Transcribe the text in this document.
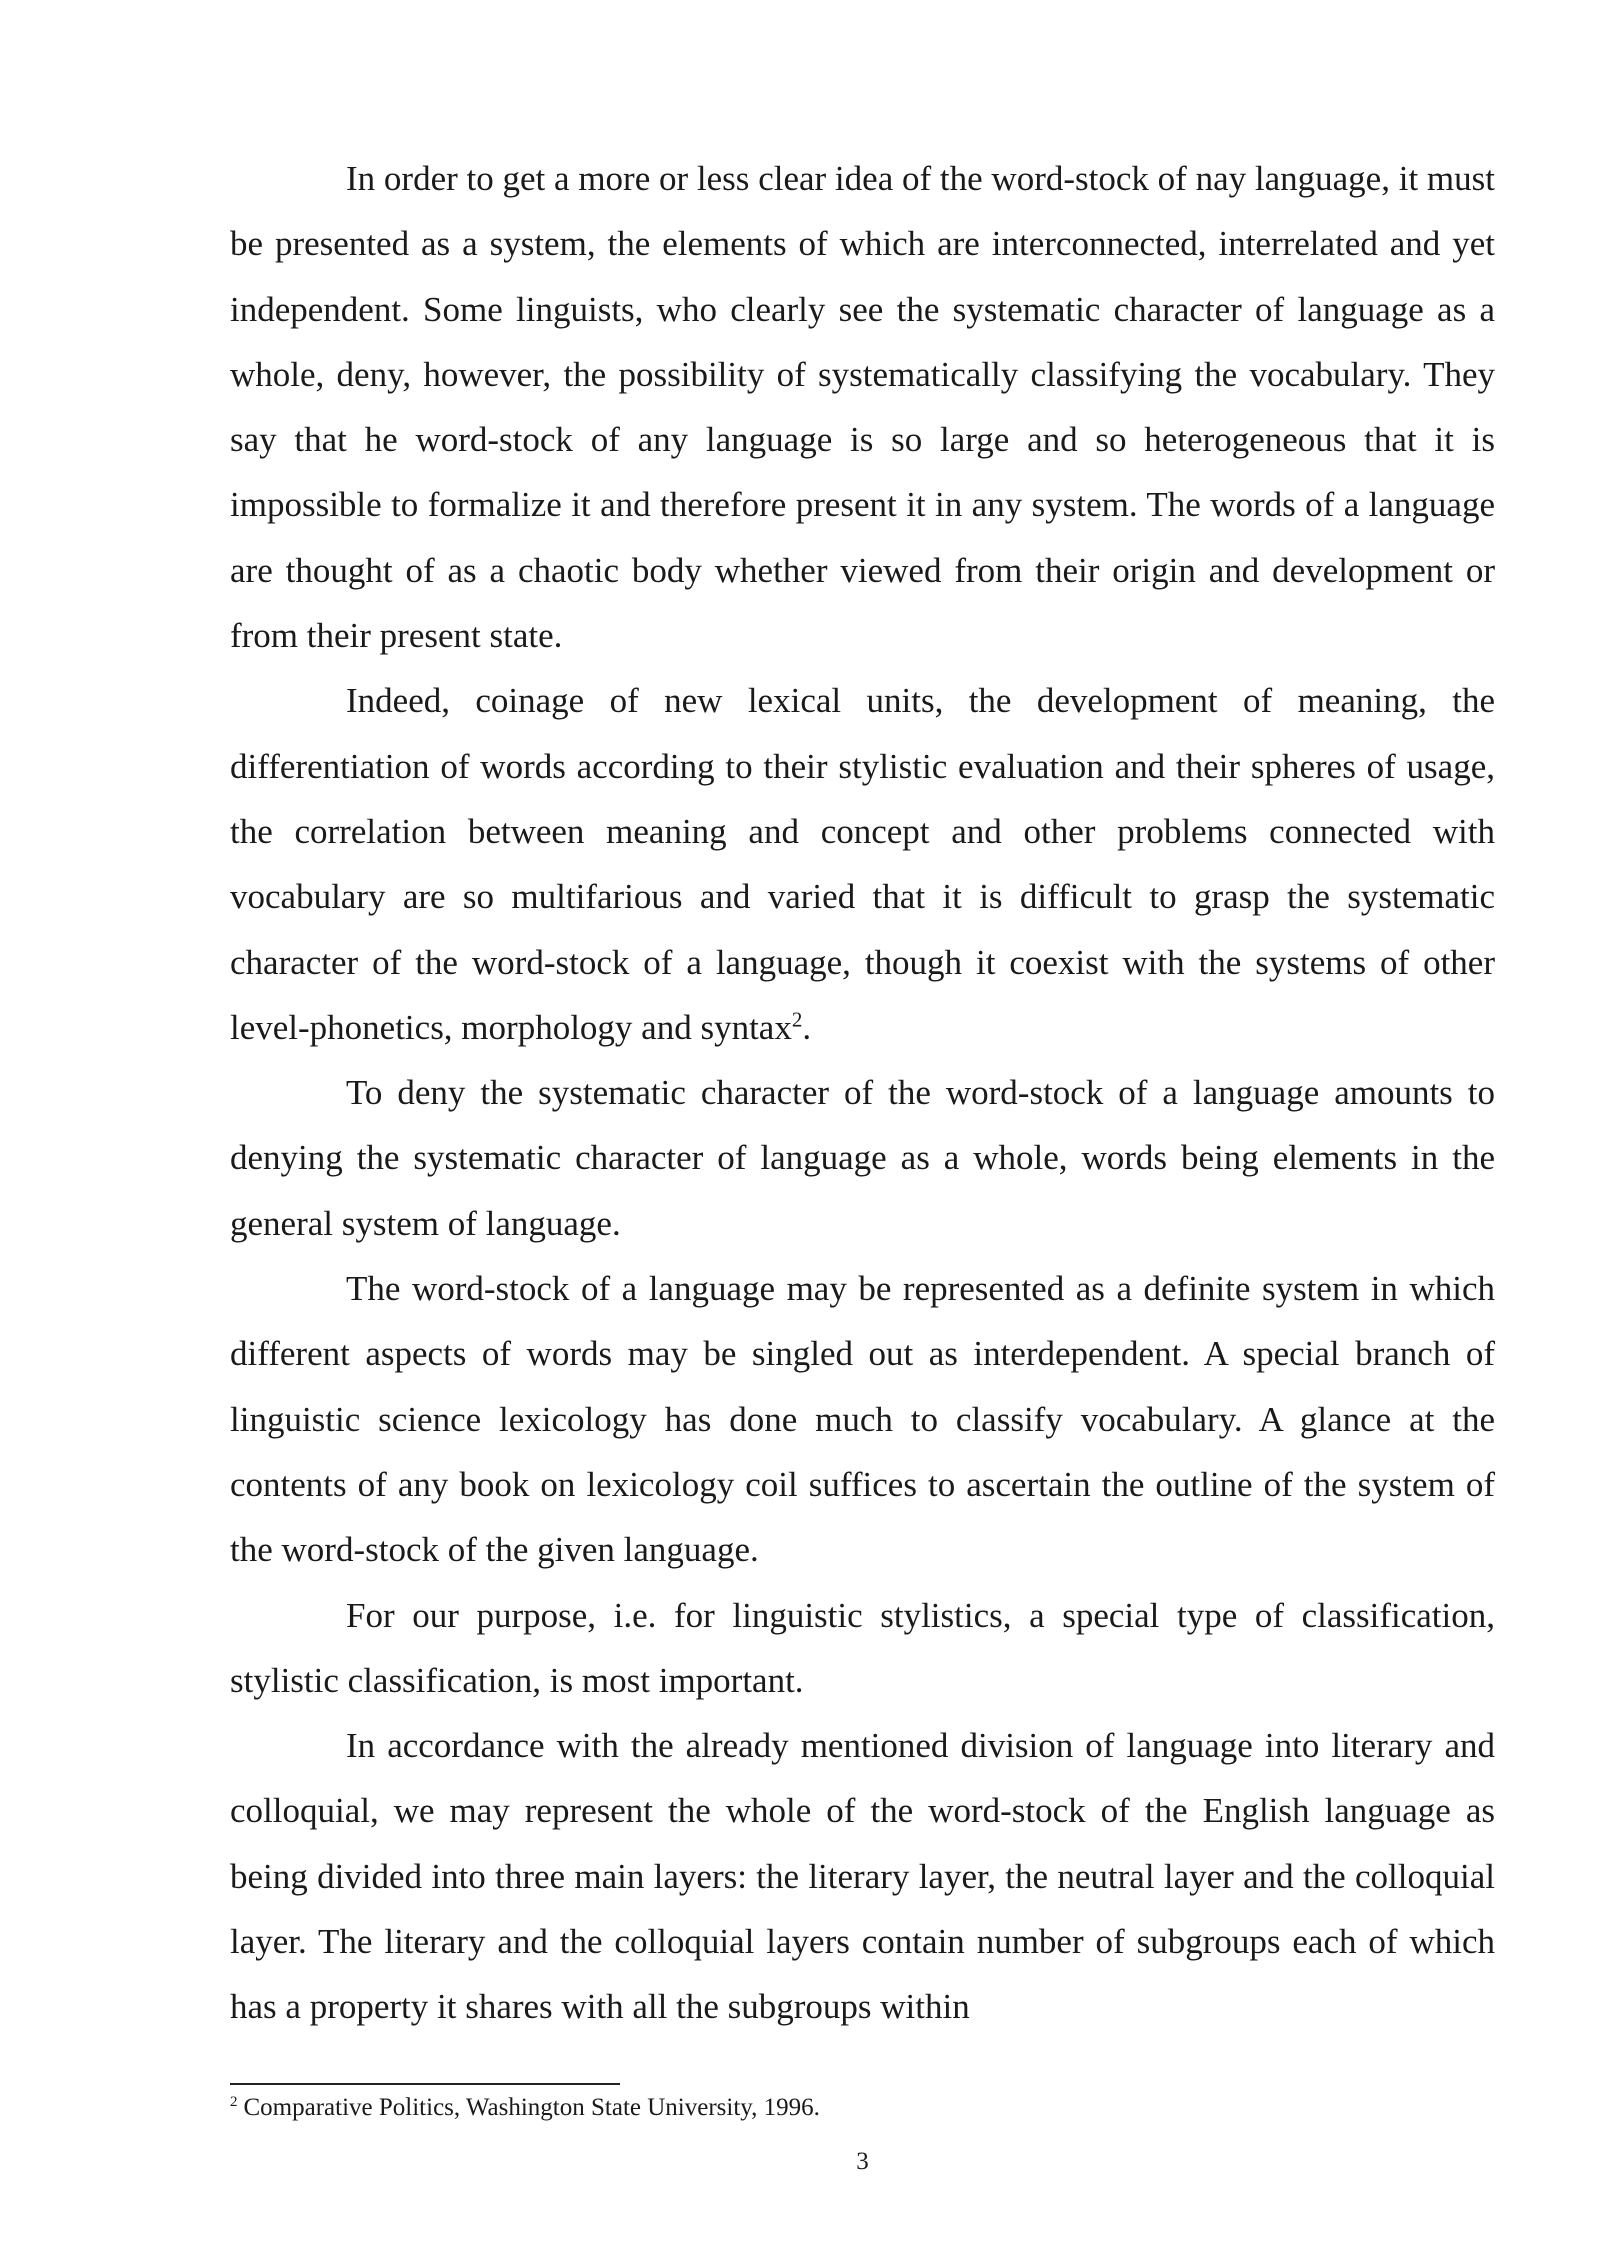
In order to get a more or less clear idea of the word-stock of nay language, it must be presented as a system, the elements of which are interconnected, interrelated and yet independent. Some linguists, who clearly see the systematic character of language as a whole, deny, however, the possibility of systematically classifying the vocabulary. They say that he word-stock of any language is so large and so heterogeneous that it is impossible to formalize it and therefore present it in any system. The words of a language are thought of as a chaotic body whether viewed from their origin and development or from their present state.

Indeed, coinage of new lexical units, the development of meaning, the differentiation of words according to their stylistic evaluation and their spheres of usage, the correlation between meaning and concept and other problems connected with vocabulary are so multifarious and varied that it is difficult to grasp the systematic character of the word-stock of a language, though it coexist with the systems of other level-phonetics, morphology and syntax$^2$.

To deny the systematic character of the word-stock of a language amounts to denying the systematic character of language as a whole, words being elements in the general system of language.

The word-stock of a language may be represented as a definite system in which different aspects of words may be singled out as interdependent. A special branch of linguistic science lexicology has done much to classify vocabulary. A glance at the contents of any book on lexicology coil suffices to ascertain the outline of the system of the word-stock of the given language.

For our purpose, i.e. for linguistic stylistics, a special type of classification, stylistic classification, is most important.

In accordance with the already mentioned division of language into literary and colloquial, we may represent the whole of the word-stock of the English language as being divided into three main layers: the literary layer, the neutral layer and the colloquial layer. The literary and the colloquial layers contain number of subgroups each of which has a property it shares with all the subgroups within

$^2$ Comparative Politics, Washington State University, 1996.
3
